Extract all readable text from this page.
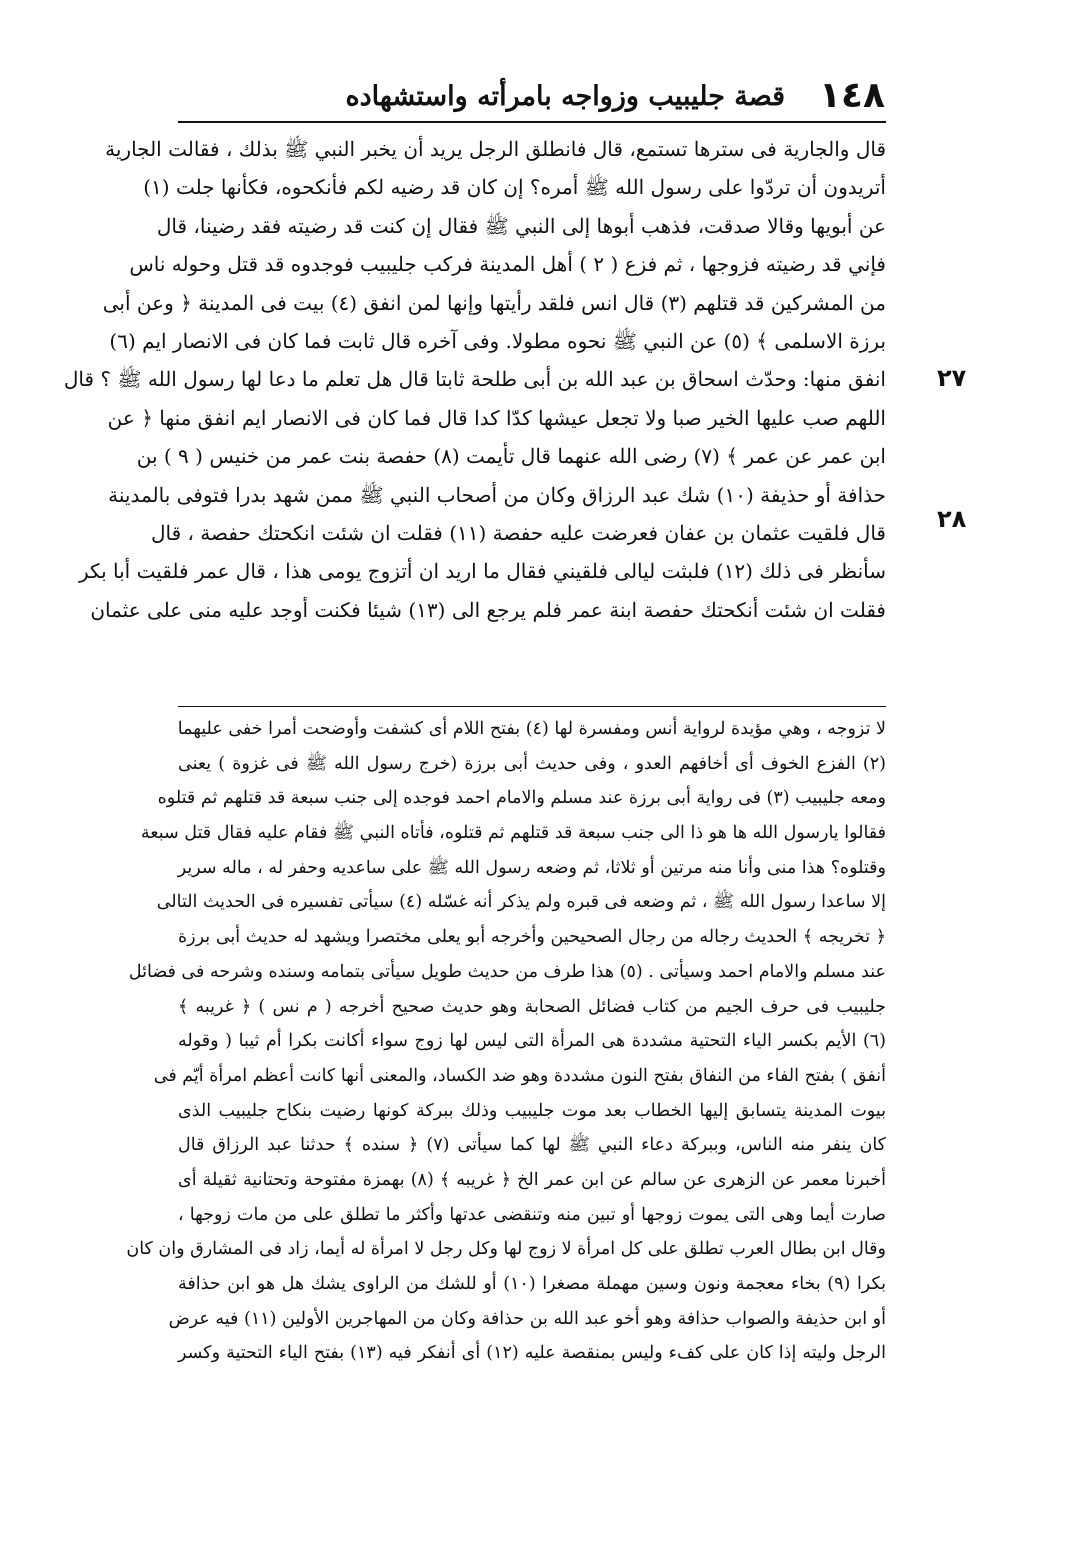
١٤٨
قصة جليبيب وزواجه بامرأته واستشهاده
٢٧
٢٨
قال والجارية فى سترها تستمع، قال فانطلق الرجل يريد أن يخبر النبي ﷺ بذلك ، فقالت الجارية
أتريدون أن تردّوا على رسول الله ﷺ أمره؟ إن كان قد رضيه لكم فأنكحوه، فكأنها جلت (١)
عن أبويها وقالا صدقت، فذهب أبوها إلى النبي ﷺ فقال إن كنت قد رضيته فقد رضينا، قال
فإني قد رضيته فزوجها ، ثم فزع ( ٢ ) أهل المدينة فركب جليبيب فوجدوه قد قتل وحوله ناس
من المشركين قد قتلهم (٣) قال انس فلقد رأيتها وإنها لمن انفق (٤) بيت فى المدينة ﴿ وعن أبى
برزة الاسلمى ﴾ (٥) عن النبي ﷺ نحوه مطولا. وفى آخره قال ثابت فما كان فى الانصار ايم (٦)
انفق منها: وحدّث اسحاق بن عبد الله بن أبى طلحة ثابتا قال هل تعلم ما دعا لها رسول الله ﷺ ؟ قال
اللهم صب عليها الخير صبا ولا تجعل عيشها كدّا كدا قال فما كان فى الانصار ايم انفق منها ﴿ عن
ابن عمر عن عمر ﴾ (٧) رضى الله عنهما قال تأيمت (٨) حفصة بنت عمر من خنيس ( ٩ ) بن
حذافة أو حذيفة (١٠) شك عبد الرزاق وكان من أصحاب النبي ﷺ ممن شهد بدرا فتوفى بالمدينة
قال فلقيت عثمان بن عفان فعرضت عليه حفصة (١١) فقلت ان شئت انكحتك حفصة ، قال
سأنظر فى ذلك (١٢) فلبثت ليالى فلقيني فقال ما اريد ان أتزوج يومى هذا ، قال عمر فلقيت أبا بكر
فقلت ان شئت أنكحتك حفصة ابنة عمر فلم يرجع الى (١٣) شيئا فكنت أوجد عليه منى على عثمان
لا تزوجه ، وهي مؤيدة لرواية أنس ومفسرة لها (٤) بفتح اللام أى كشفت وأوضحت أمرا خفى عليهما
(٢) الفزع الخوف أى أخافهم العدو ، وفى حديث أبى برزة (خرج رسول الله ﷺ فى غزوة ) يعنى
ومعه جليبيب (٣) فى رواية أبى برزة عند مسلم والامام احمد فوجده إلى جنب سبعة قد قتلهم ثم قتلوه
فقالوا يارسول الله ها هو ذا الى جنب سبعة قد قتلهم ثم قتلوه، فأتاه النبي ﷺ فقام عليه فقال قتل سبعة
وقتلوه؟ هذا منى وأنا منه مرتين أو ثلاثا، ثم وضعه رسول الله ﷺ على ساعديه وحفر له ، ماله سرير
إلا ساعدا رسول الله ﷺ ، ثم وضعه فى قبره ولم يذكر أنه غسّله (٤) سيأتى تفسيره فى الحديث التالى
﴿ تخريجه ﴾ الحديث رجاله من رجال الصحيحين وأخرجه أبو يعلى مختصرا ويشهد له حديث أبى برزة
عند مسلم والامام احمد وسيأتى . (٥) هذا طرف من حديث طويل سيأتى بتمامه وسنده وشرحه فى فضائل
جليبيب فى حرف الجيم من كتاب فضائل الصحابة وهو حديث صحيح أخرجه ( م نس ) ﴿ غريبه ﴾
(٦) الأيم بكسر الياء التحتية مشددة هى المرأة التى ليس لها زوج سواء أكانت بكرا أم ثيبا ( وقوله
أنفق ) بفتح الفاء من النفاق بفتح النون مشددة وهو ضد الكساد، والمعنى أنها كانت أعظم امرأة أيّم فى
بيوت المدينة يتسابق إليها الخطاب بعد موت جليبيب وذلك ببركة كونها رضيت بنكاح جليبيب الذى
كان ينفر منه الناس، وببركة دعاء النبي ﷺ لها كما سيأتى (٧) ﴿ سنده ﴾ حدثنا عبد الرزاق قال
أخبرنا معمر عن الزهرى عن سالم عن ابن عمر الخ ﴿ غريبه ﴾ (٨) بهمزة مفتوحة وتحتانية ثقيلة أى
صارت أيما وهى التى يموت زوجها أو تبين منه وتنقضى عدتها وأكثر ما تطلق على من مات زوجها ،
وقال ابن بطال العرب تطلق على كل امرأة لا زوج لها وكل رجل لا امرأة له أيما، زاد فى المشارق وان كان
بكرا (٩) بخاء معجمة ونون وسين مهملة مصغرا (١٠) أو للشك من الراوى يشك هل هو ابن حذافة
أو ابن حذيفة والصواب حذافة وهو أخو عبد الله بن حذافة وكان من المهاجرين الأولين (١١) فيه عرض
الرجل وليته إذا كان على كفء وليس بمنقصة عليه (١٢) أى أنفكر فيه (١٣) بفتح الياء التحتية وكسر
